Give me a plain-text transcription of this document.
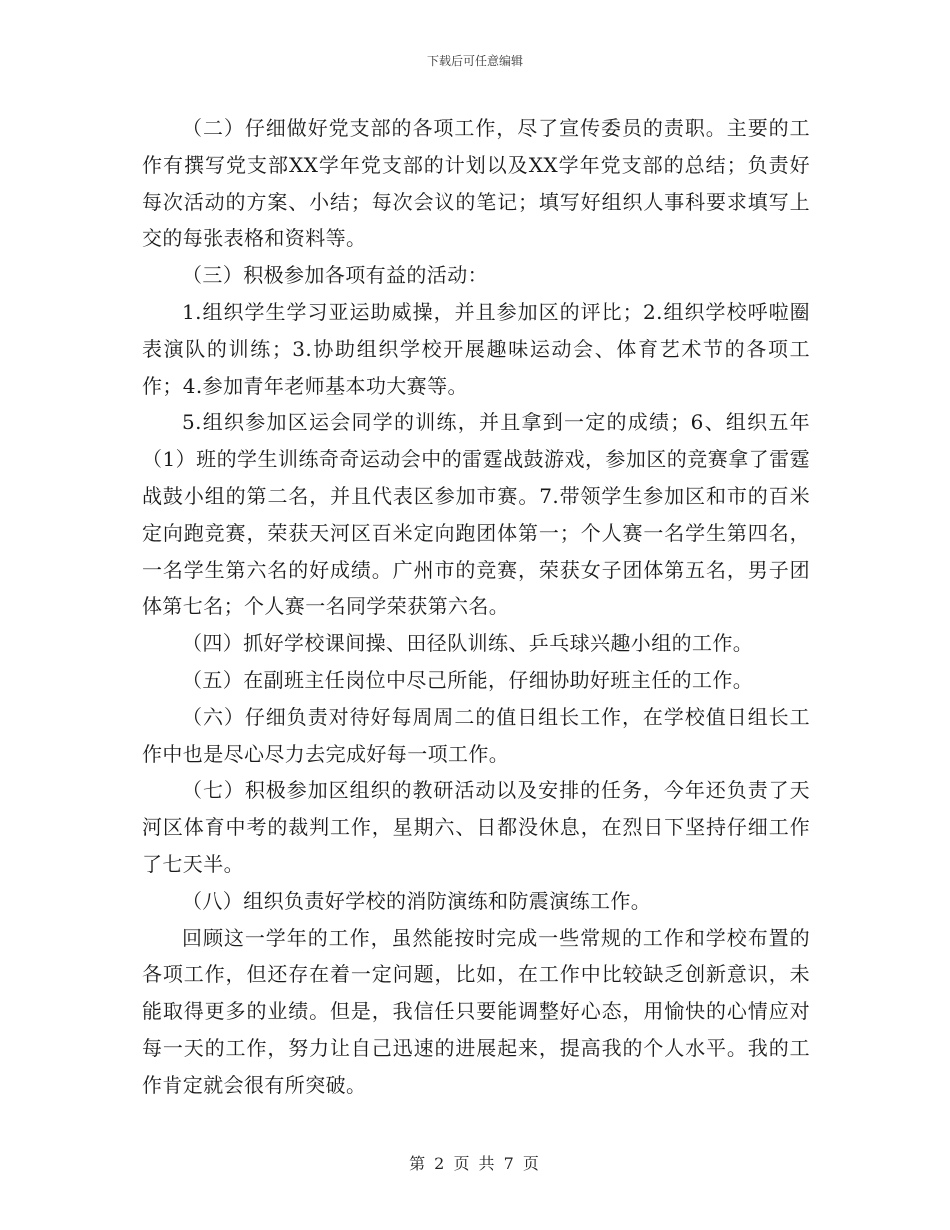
下载后可任意编辑

（二）仔细做好党支部的各项工作，尽了宣传委员的责职。主要的工作有撰写党支部XX学年党支部的计划以及XX学年党支部的总结；负责好每次活动的方案、小结；每次会议的笔记；填写好组织人事科要求填写上交的每张表格和资料等。

（三）积极参加各项有益的活动：

1.组织学生学习亚运助威操，并且参加区的评比；2.组织学校呼啦圈表演队的训练；3.协助组织学校开展趣味运动会、体育艺术节的各项工作；4.参加青年老师基本功大赛等。

5.组织参加区运会同学的训练，并且拿到一定的成绩；6、组织五年（1）班的学生训练奇奇运动会中的雷霆战鼓游戏，参加区的竞赛拿了雷霆战鼓小组的第二名，并且代表区参加市赛。7.带领学生参加区和市的百米定向跑竞赛，荣获天河区百米定向跑团体第一；个人赛一名学生第四名，一名学生第六名的好成绩。广州市的竞赛，荣获女子团体第五名，男子团体第七名；个人赛一名同学荣获第六名。

（四）抓好学校课间操、田径队训练、乒乓球兴趣小组的工作。

（五）在副班主任岗位中尽己所能，仔细协助好班主任的工作。

（六）仔细负责对待好每周周二的值日组长工作，在学校值日组长工作中也是尽心尽力去完成好每一项工作。

（七）积极参加区组织的教研活动以及安排的任务，今年还负责了天河区体育中考的裁判工作，星期六、日都没休息，在烈日下坚持仔细工作了七天半。

（八）组织负责好学校的消防演练和防震演练工作。

回顾这一学年的工作，虽然能按时完成一些常规的工作和学校布置的各项工作，但还存在着一定问题，比如，在工作中比较缺乏创新意识，未能取得更多的业绩。但是，我信任只要能调整好心态，用愉快的心情应对每一天的工作，努力让自己迅速的进展起来，提高我的个人水平。我的工作肯定就会很有所突破。

第 2 页 共 7 页
